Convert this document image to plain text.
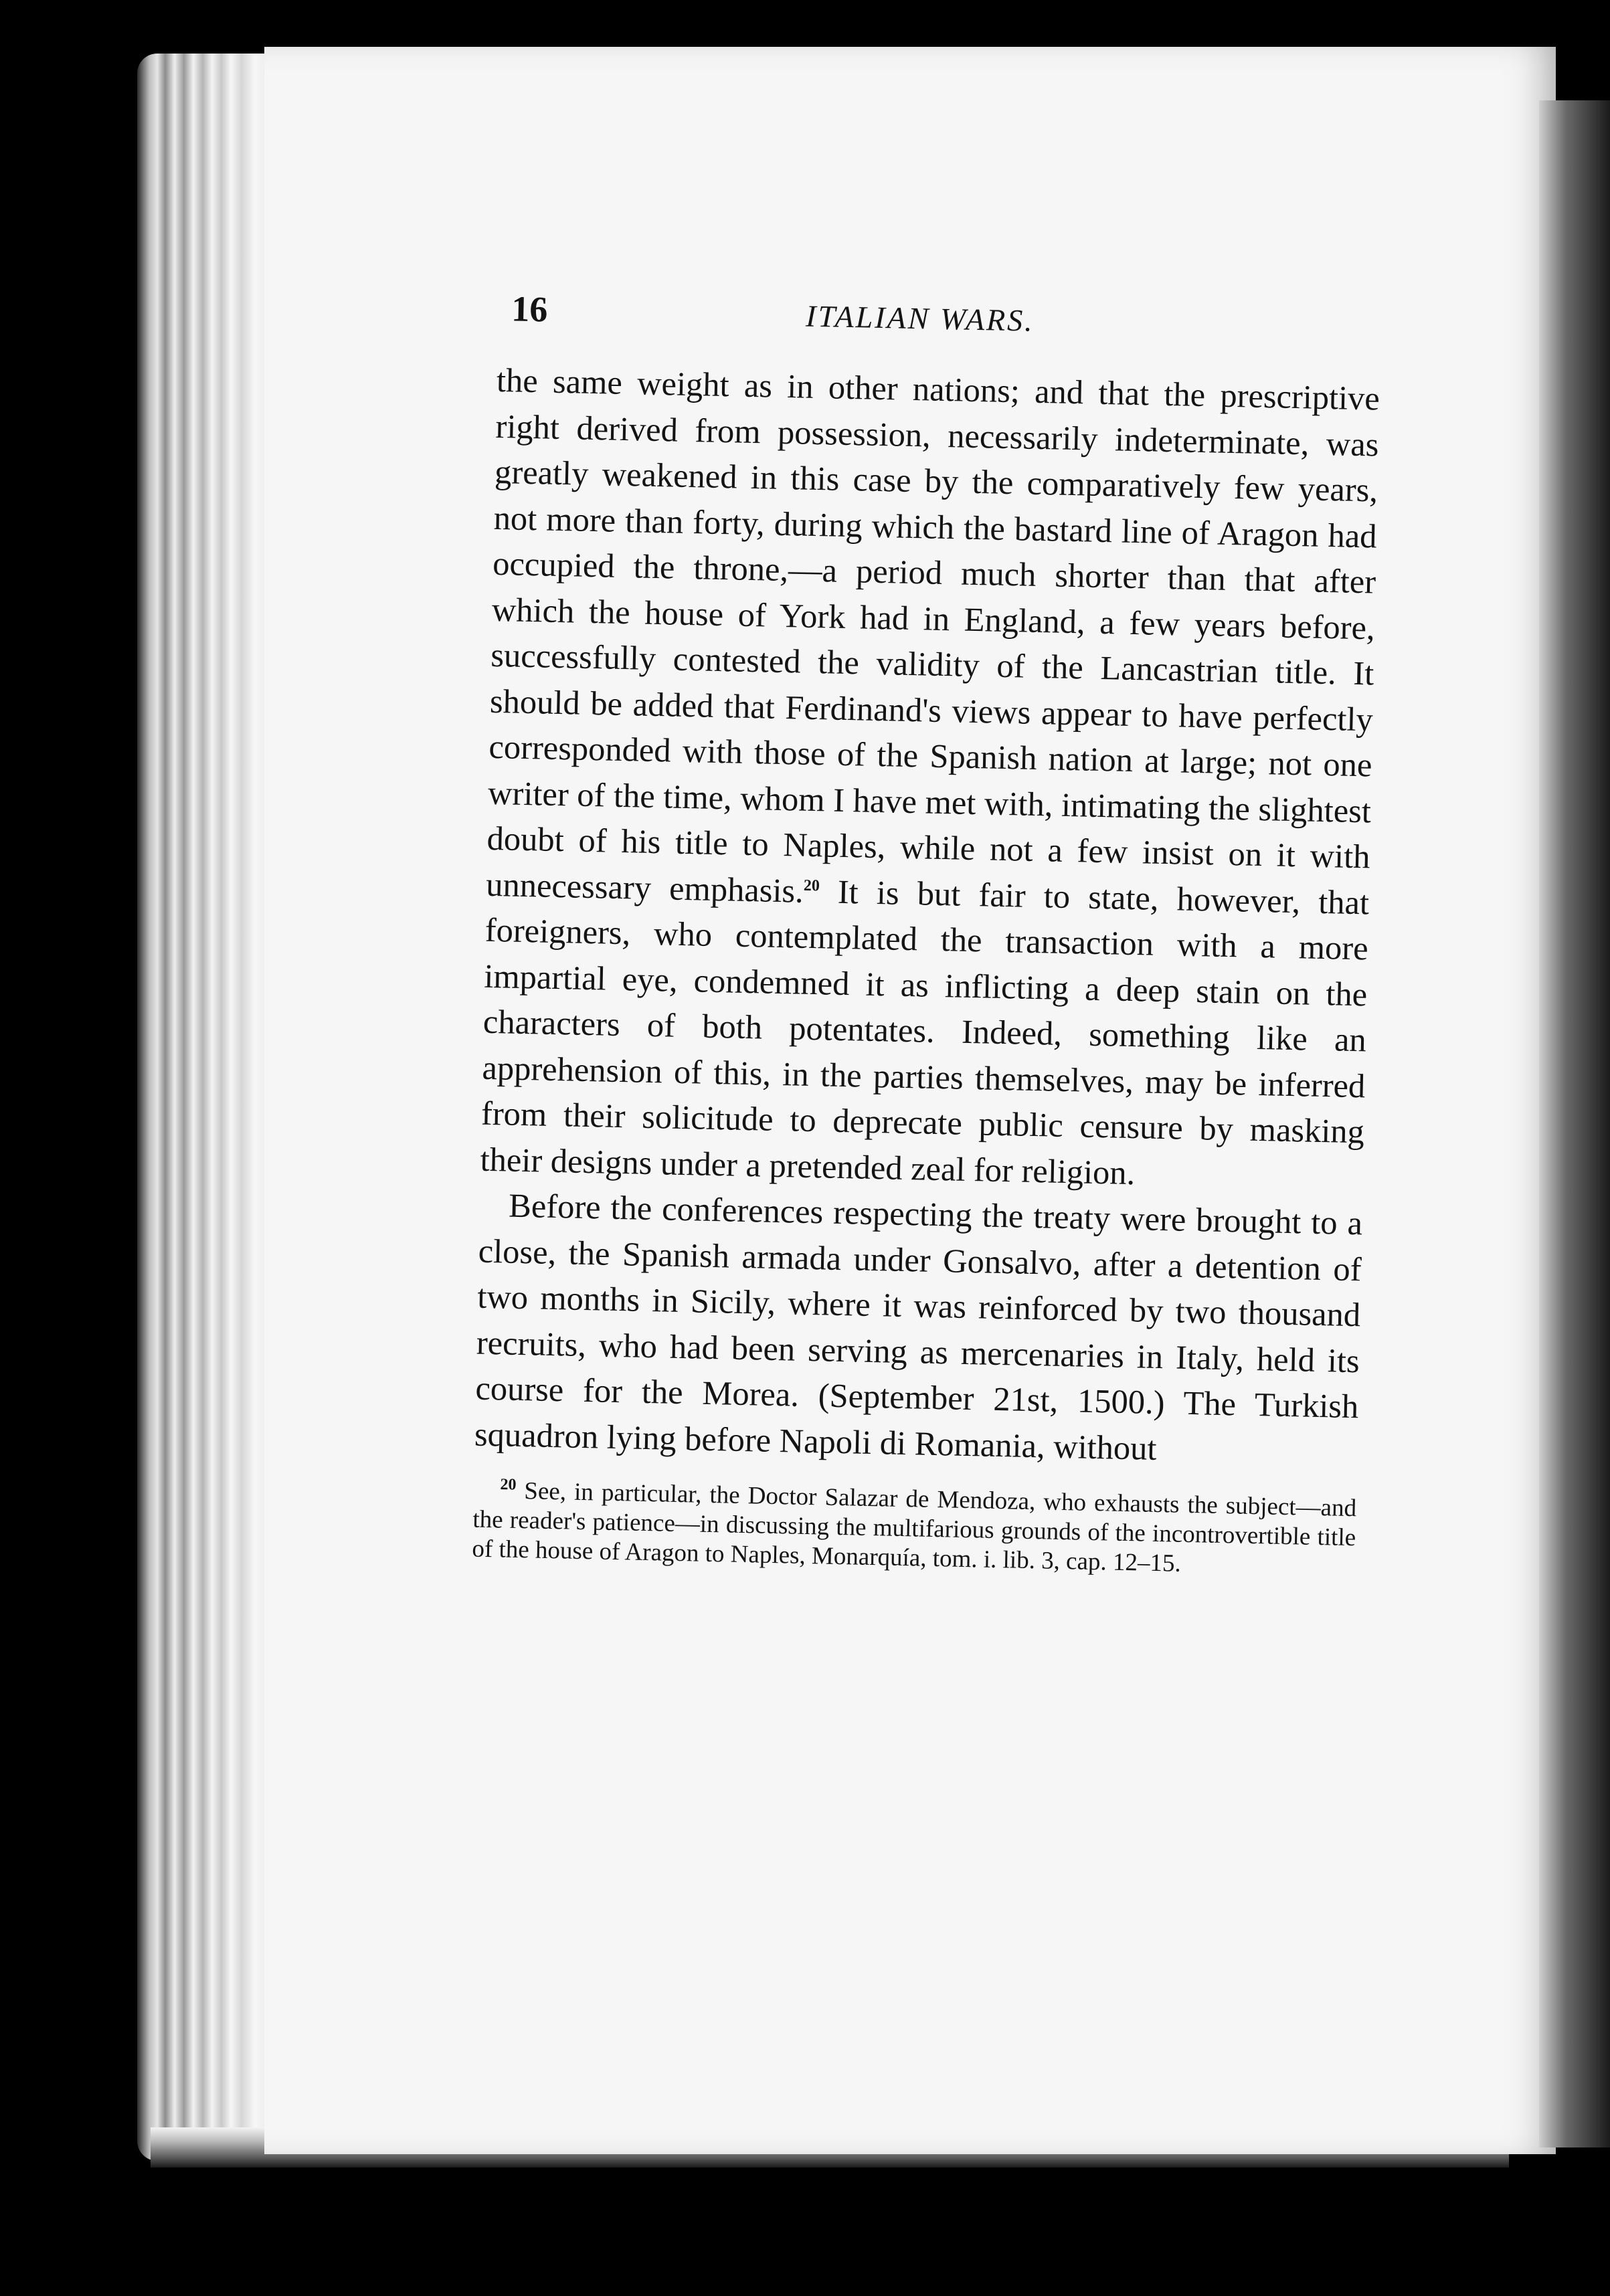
16	ITALIAN WARS.

the same weight as in other nations; and that the prescriptive right derived from possession, necessarily indeterminate, was greatly weakened in this case by the comparatively few years, not more than forty, during which the bastard line of Aragon had occupied the throne,—a period much shorter than that after which the house of York had in England, a few years before, successfully contested the validity of the Lancastrian title. It should be added that Ferdinand's views appear to have perfectly corresponded with those of the Spanish nation at large; not one writer of the time, whom I have met with, intimating the slightest doubt of his title to Naples, while not a few insist on it with unnecessary emphasis.$^{20}$ It is but fair to state, however, that foreigners, who contemplated the transaction with a more impartial eye, condemned it as inflicting a deep stain on the characters of both potentates. Indeed, something like an apprehension of this, in the parties themselves, may be inferred from their solicitude to deprecate public censure by masking their designs under a pretended zeal for religion.

Before the conferences respecting the treaty were brought to a close, the Spanish armada under Gonsalvo, after a detention of two months in Sicily, where it was reinforced by two thousand recruits, who had been serving as mercenaries in Italy, held its course for the Morea. (September 21st, 1500.) The Turkish squadron lying before Napoli di Romania, without

$^{20}$ See, in particular, the Doctor Salazar de Mendoza, who exhausts the subject—and the reader's patience—in discussing the multifarious grounds of the incontrovertible title of the house of Aragon to Naples, Monarquía, tom. i. lib. 3, cap. 12–15.
